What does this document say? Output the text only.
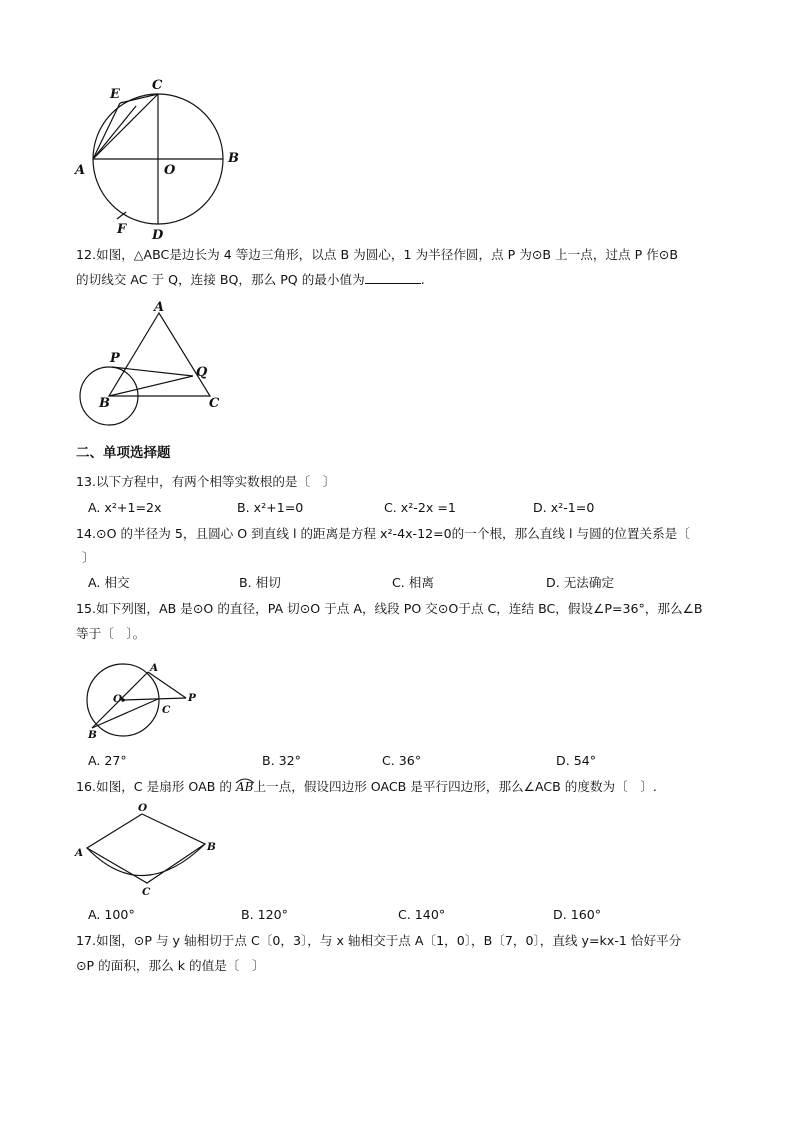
E
C
A	O
B
F D
12.如图，△ABC是边长为 4 等边三角形，以点 B 为圆心，1 为半径作圆，点 P 为⊙B 上一点，过点 P 作⊙B
的切线交 AC 于 Q，连接 BQ，那么 PQ 的最小值为	.
A
P
Q
B	C
二、单项选择题
13.以下方程中，有两个相等实数根的是〔　〕
A. x²+1=2x	B. x²+1=0	C. x²-2x =1	D. x²-1=0
14.⊙O 的半径为 5，且圆心 O 到直线 l 的距离是方程 x²-4x-12=0的一个根，那么直线 l 与圆的位置关系是〔
〕
A. 相交	B. 相切	C. 相离	D. 无法确定
15.如下列图，AB 是⊙O 的直径，PA 切⊙O 于点 A，线段 PO 交⊙O于点 C，连结 BC，假设∠P=36°，那么∠B
等于〔　〕。
A
O	P
C
B
A. 27°	B. 32°	C. 36°	D. 54°
16.如图，C 是扇形 OAB 的 AB上一点，假设四边形 OACB 是平行四边形，那么∠ACB 的度数为〔　〕.
O
A	B
C
A. 100°	B. 120°	C. 140°	D. 160°
17.如图，⊙P 与 y 轴相切于点 C〔0，3〕，与 x 轴相交于点 A〔1，0〕，B〔7，0〕，直线 y=kx-1 恰好平分
⊙P 的面积，那么 k 的值是〔　〕
